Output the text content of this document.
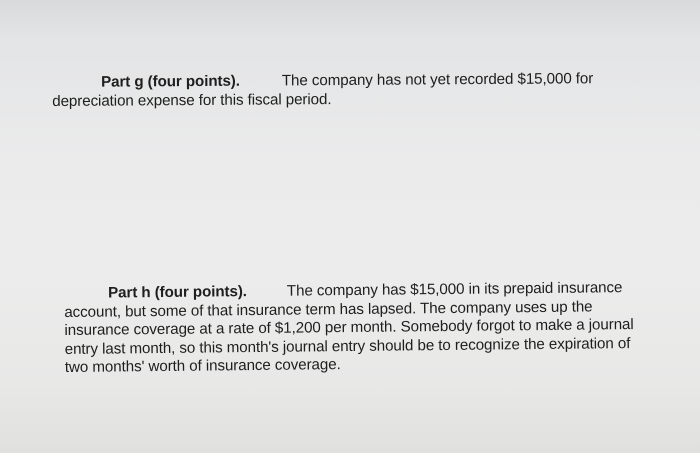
Part g (four points).	The company has not yet recorded $15,000 for
depreciation expense for this fiscal period.
Part h (four points).	The company has $15,000 in its prepaid insurance
account, but some of that insurance term has lapsed. The company uses up the
insurance coverage at a rate of $1,200 per month. Somebody forgot to make a journal
entry last month, so this month's journal entry should be to recognize the expiration of
two months' worth of insurance coverage.
